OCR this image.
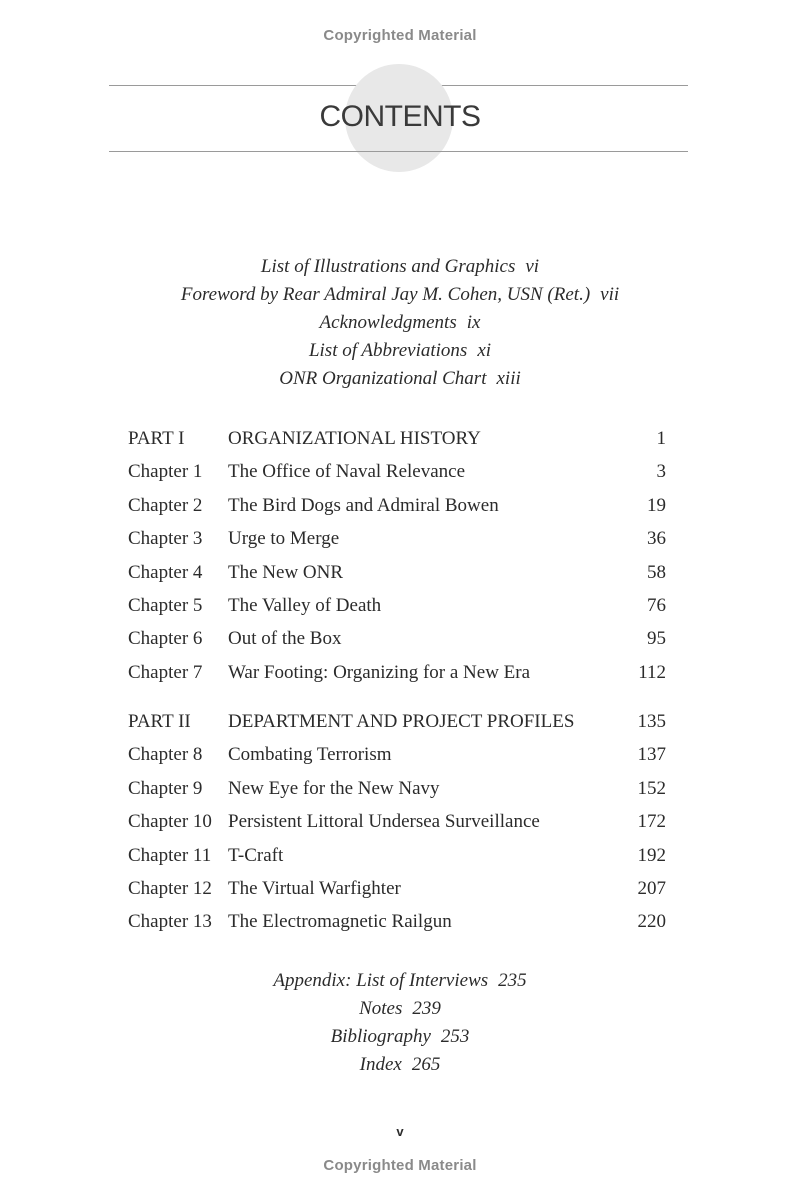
Copyrighted Material
CONTENTS
List of Illustrations and Graphics vi
Foreword by Rear Admiral Jay M. Cohen, USN (Ret.) vii
Acknowledgments ix
List of Abbreviations xi
ONR Organizational Chart xiii
PART I ORGANIZATIONAL HISTORY	1
Chapter 1 The Office of Naval Relevance	3
Chapter 2 The Bird Dogs and Admiral Bowen	19
Chapter 3 Urge to Merge	36
Chapter 4 The New ONR	58
Chapter 5 The Valley of Death	76
Chapter 6 Out of the Box	95
Chapter 7 War Footing: Organizing for a New Era	112
PART II DEPARTMENT AND PROJECT PROFILES	135
Chapter 8 Combating Terrorism	137
Chapter 9 New Eye for the New Navy	152
Chapter 10 Persistent Littoral Undersea Surveillance	172
Chapter 11 T-Craft	192
Chapter 12 The Virtual Warfighter	207
Chapter 13 The Electromagnetic Railgun	220
Appendix: List of Interviews 235
Notes 239
Bibliography 253
Index 265
v
Copyrighted Material
